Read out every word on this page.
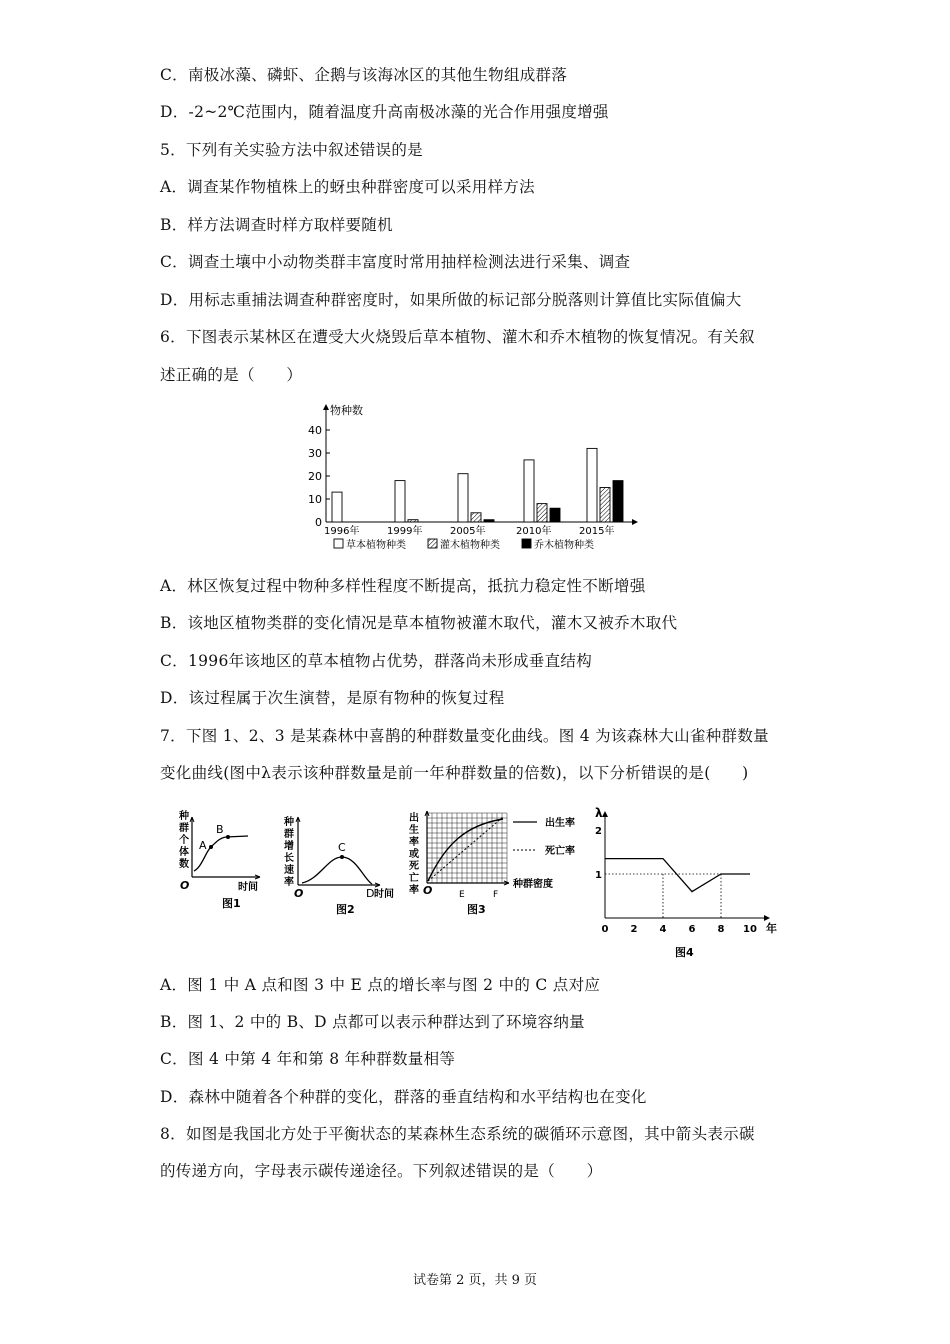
C．南极冰藻、磷虾、企鹅与该海冰区的其他生物组成群落
D．-2~2℃范围内，随着温度升高南极冰藻的光合作用强度增强
5．下列有关实验方法中叙述错误的是
A．调查某作物植株上的蚜虫种群密度可以采用样方法
B．样方法调查时样方取样要随机
C．调查土壤中小动物类群丰富度时常用抽样检测法进行采集、调查
D．用标志重捕法调查种群密度时，如果所做的标记部分脱落则计算值比实际值偏大
6．下图表示某林区在遭受大火烧毁后草本植物、灌木和乔木植物的恢复情况。有关叙
述正确的是（　　）
物种数
0
10
20
30
40
1996年	1999年	2005年	2010年	2015年
草本植物种类	灌木植物种类	乔木植物种类
A．林区恢复过程中物种多样性程度不断提高，抵抗力稳定性不断增强
B．该地区植物类群的变化情况是草本植物被灌木取代，灌木又被乔木取代
C．1996年该地区的草本植物占优势，群落尚未形成垂直结构
D．该过程属于次生演替，是原有物种的恢复过程
7．下图 1、2、3 是某森林中喜鹊的种群数量变化曲线。图 4 为该森林大山雀种群数量
变化曲线(图中λ表示该种群数量是前一年种群数量的倍数)，以下分析错误的是(　　)
种
群
个
体
数
A
B
O	时间
图1
种
群
增
长
速
率
C
O	D 时间
图2
出
生
率
或
死
亡
率 O	E	F
种群密度
出生率
死亡率
图3
λ
年
1
2
0 2 4 6 8 10
图4
A．图 1 中 A 点和图 3 中 E 点的增长率与图 2 中的 C 点对应
B．图 1、2 中的 B、D 点都可以表示种群达到了环境容纳量
C．图 4 中第 4 年和第 8 年种群数量相等
D．森林中随着各个种群的变化，群落的垂直结构和水平结构也在变化
8．如图是我国北方处于平衡状态的某森林生态系统的碳循环示意图，其中箭头表示碳
的传递方向，字母表示碳传递途径。下列叙述错误的是（　　）
试卷第 2 页，共 9 页
